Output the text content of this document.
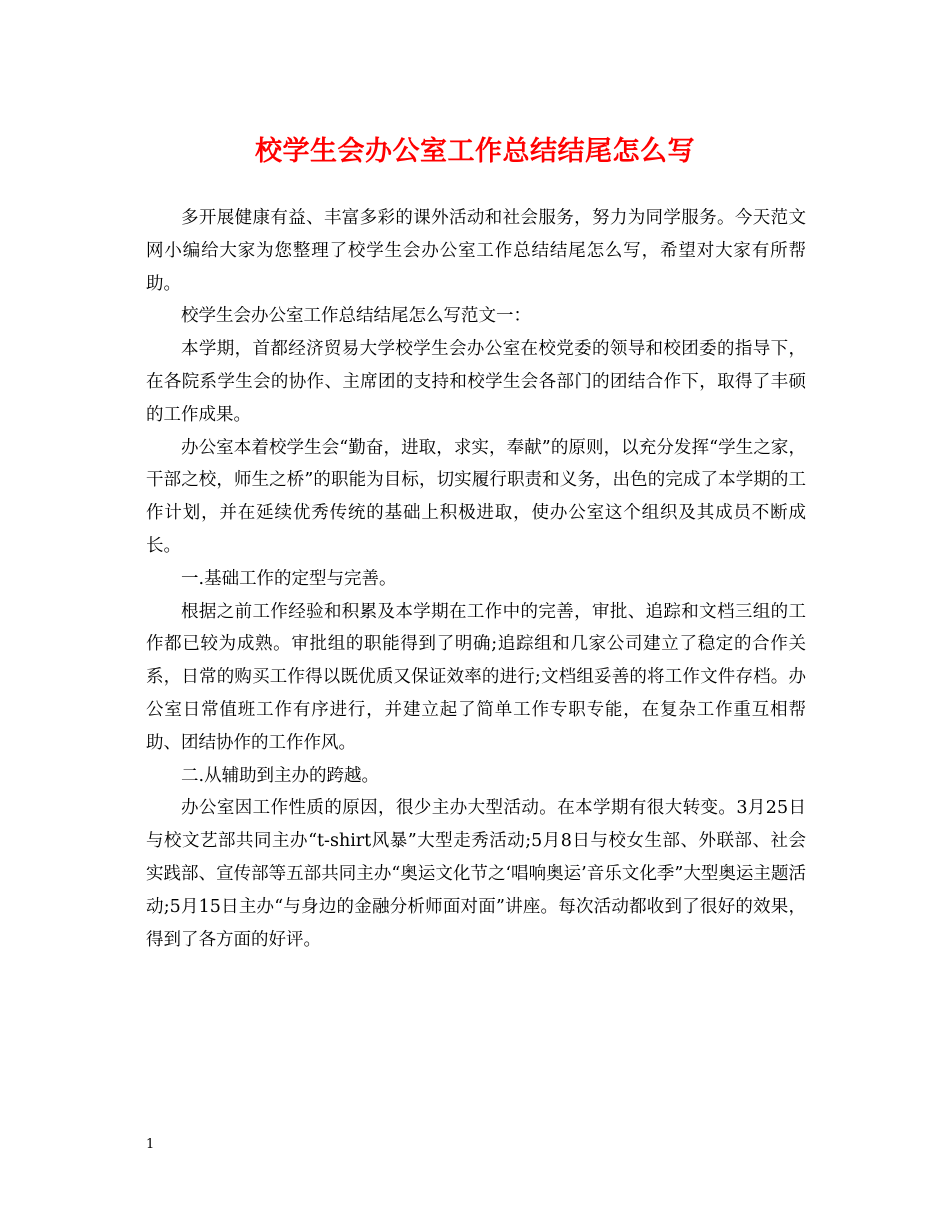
校学生会办公室工作总结结尾怎么写

多开展健康有益、丰富多彩的课外活动和社会服务，努力为同学服务。今天范文网小编给大家为您整理了校学生会办公室工作总结结尾怎么写，希望对大家有所帮助。

校学生会办公室工作总结结尾怎么写范文一：

本学期，首都经济贸易大学校学生会办公室在校党委的领导和校团委的指导下，在各院系学生会的协作、主席团的支持和校学生会各部门的团结合作下，取得了丰硕的工作成果。

办公室本着校学生会“勤奋，进取，求实，奉献”的原则，以充分发挥“学生之家，干部之校，师生之桥”的职能为目标，切实履行职责和义务，出色的完成了本学期的工作计划，并在延续优秀传统的基础上积极进取，使办公室这个组织及其成员不断成长。

一.基础工作的定型与完善。

根据之前工作经验和积累及本学期在工作中的完善，审批、追踪和文档三组的工作都已较为成熟。审批组的职能得到了明确;追踪组和几家公司建立了稳定的合作关系，日常的购买工作得以既优质又保证效率的进行;文档组妥善的将工作文件存档。办公室日常值班工作有序进行，并建立起了简单工作专职专能，在复杂工作重互相帮助、团结协作的工作作风。

二.从辅助到主办的跨越。

办公室因工作性质的原因，很少主办大型活动。在本学期有很大转变。3月25日与校文艺部共同主办“t-shirt风暴”大型走秀活动;5月8日与校女生部、外联部、社会实践部、宣传部等五部共同主办“奥运文化节之‘唱响奥运’音乐文化季”大型奥运主题活动;5月15日主办“与身边的金融分析师面对面”讲座。每次活动都收到了很好的效果，得到了各方面的好评。

1
